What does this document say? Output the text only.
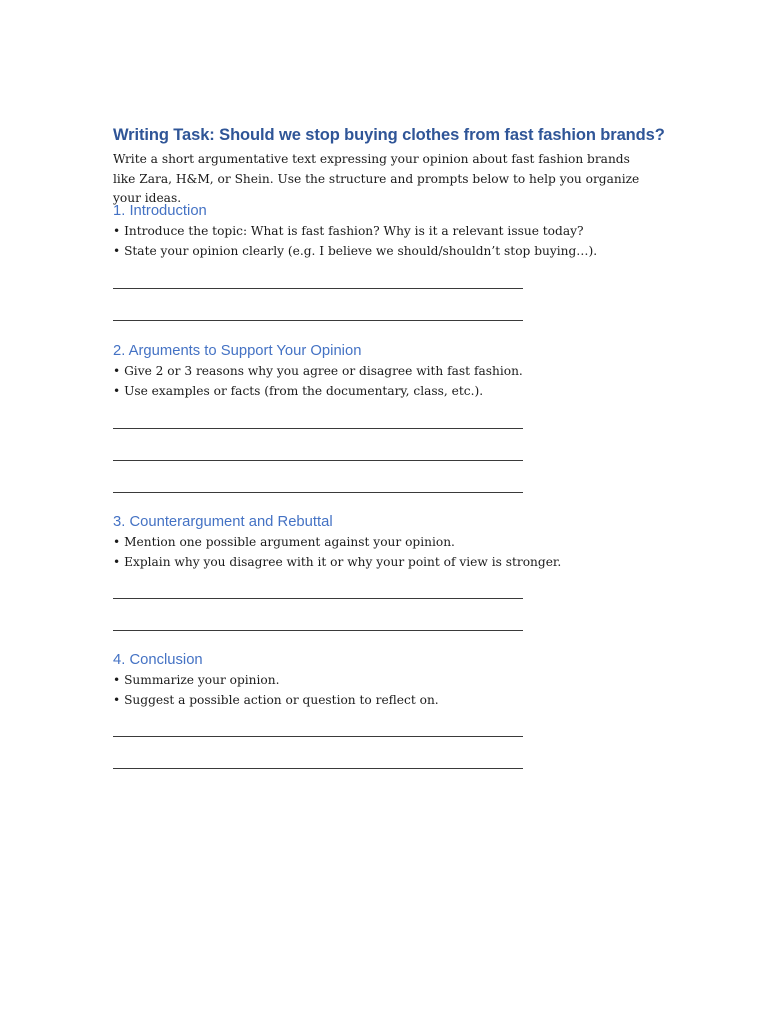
Writing Task: Should we stop buying clothes from fast fashion brands?

Write a short argumentative text expressing your opinion about fast fashion brands like Zara, H&M, or Shein. Use the structure and prompts below to help you organize your ideas.

1. Introduction

• Introduce the topic: What is fast fashion? Why is it a relevant issue today?

• State your opinion clearly (e.g. I believe we should/shouldn’t stop buying…).

2. Arguments to Support Your Opinion

• Give 2 or 3 reasons why you agree or disagree with fast fashion.

• Use examples or facts (from the documentary, class, etc.).

3. Counterargument and Rebuttal

• Mention one possible argument against your opinion.

• Explain why you disagree with it or why your point of view is stronger.

4. Conclusion

• Summarize your opinion.

• Suggest a possible action or question to reflect on.
